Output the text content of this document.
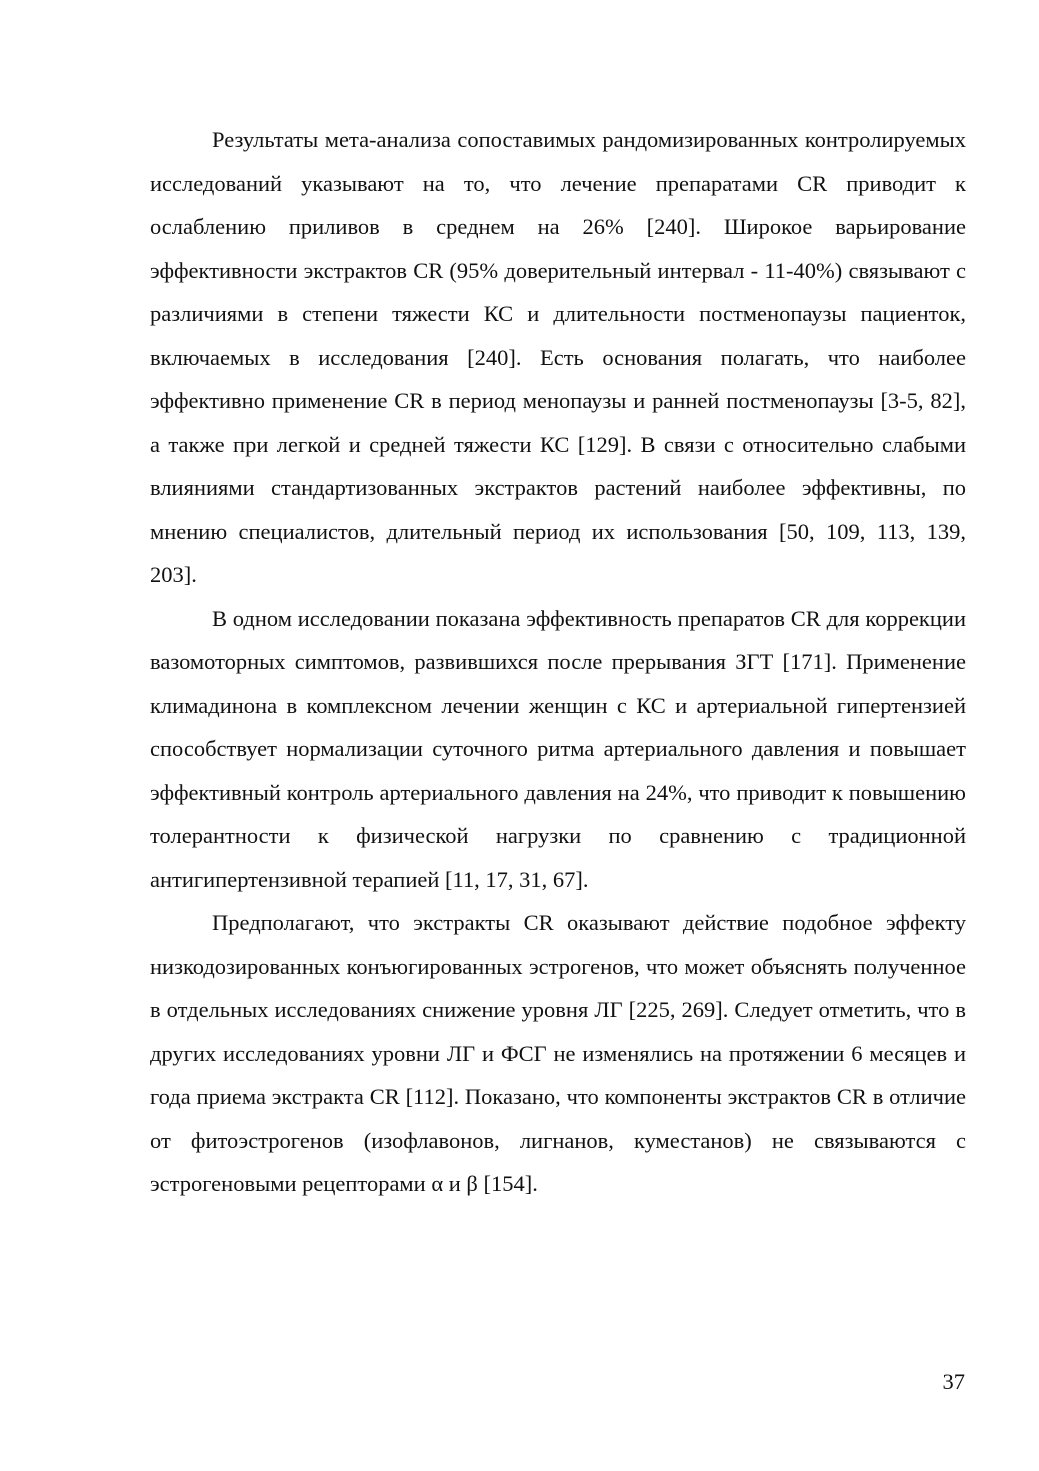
Результаты мета-анализа сопоставимых рандомизированных контролируемых исследований указывают на то, что лечение препаратами CR приводит к ослаблению приливов в среднем на 26% [240]. Широкое варьирование эффективности экстрактов CR (95% доверительный интервал - 11-40%) связывают с различиями в степени тяжести КС и длительности постменопаузы пациенток, включаемых в исследования [240]. Есть основания полагать, что наиболее эффективно применение CR в период менопаузы и ранней постменопаузы [3-5, 82], а также при легкой и средней тяжести КС [129]. В связи с относительно слабыми влияниями стандартизованных экстрактов растений наиболее эффективны, по мнению специалистов, длительный период их использования [50, 109, 113, 139, 203].

В одном исследовании показана эффективность препаратов CR для коррекции вазомоторных симптомов, развившихся после прерывания ЗГТ [171]. Применение климадинона в комплексном лечении женщин с КС и артериальной гипертензией способствует нормализации суточного ритма артериального давления и повышает эффективный контроль артериального давления на 24%, что приводит к повышению толерантности к физической нагрузки по сравнению с традиционной антигипертензивной терапией [11, 17, 31, 67].

Предполагают, что экстракты CR оказывают действие подобное эффекту низкодозированных конъюгированных эстрогенов, что может объяснять полученное в отдельных исследованиях снижение уровня ЛГ [225, 269]. Следует отметить, что в других исследованиях уровни ЛГ и ФСГ не изменялись на протяжении 6 месяцев и года приема экстракта CR [112]. Показано, что компоненты экстрактов CR в отличие от фитоэстрогенов (изофлавонов, лигнанов, куместанов) не связываются с эстрогеновыми рецепторами α и β [154].

37
